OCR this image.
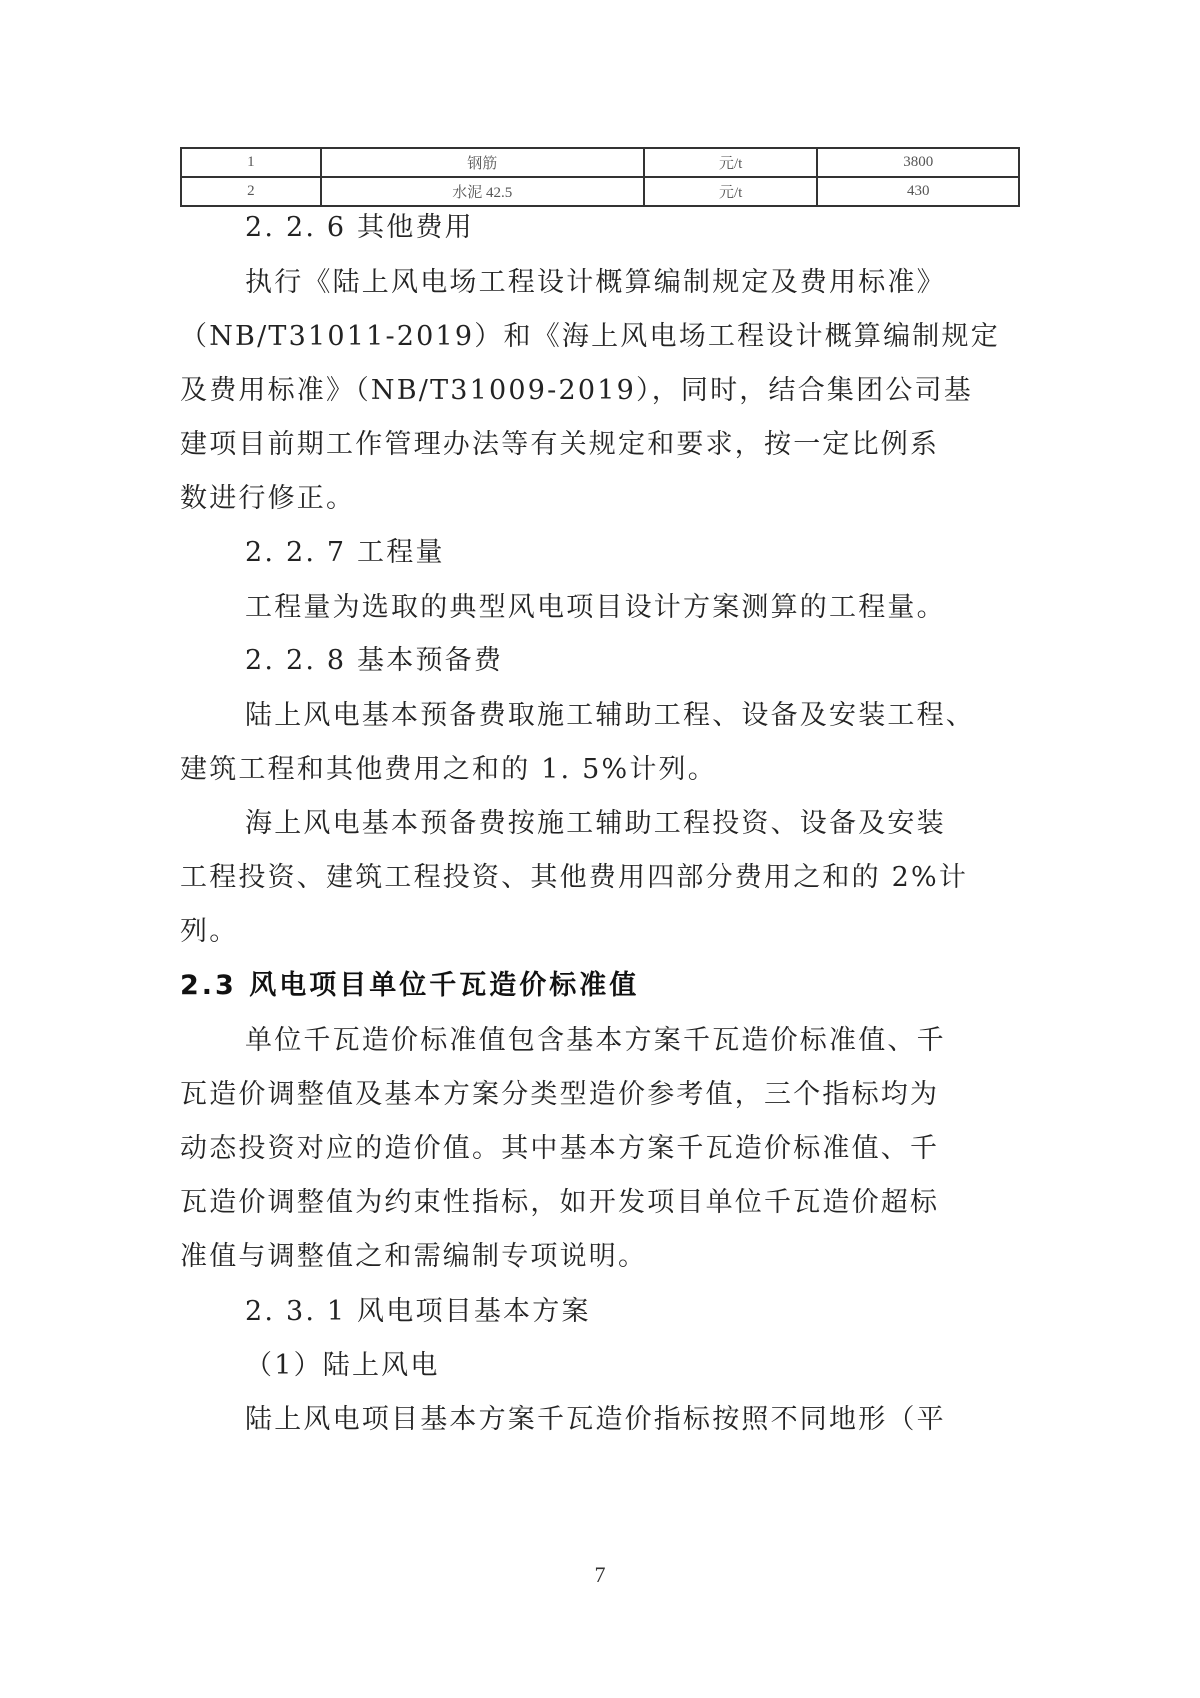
1	钢筋	元/t	3800
2	水泥 42.5	元/t	430

2. 2. 6 其他费用

执行《陆上风电场工程设计概算编制规定及费用标准》

（NB/T31011-2019）和《海上风电场工程设计概算编制规定

及费用标准》（NB/T31009-2019），同时，结合集团公司基

建项目前期工作管理办法等有关规定和要求，按一定比例系

数进行修正。

2. 2. 7 工程量

工程量为选取的典型风电项目设计方案测算的工程量。

2. 2. 8 基本预备费

陆上风电基本预备费取施工辅助工程、设备及安装工程、

建筑工程和其他费用之和的 1. 5%计列。

海上风电基本预备费按施工辅助工程投资、设备及安装

工程投资、建筑工程投资、其他费用四部分费用之和的 2%计

列。

2.3 风电项目单位千瓦造价标准值

单位千瓦造价标准值包含基本方案千瓦造价标准值、千

瓦造价调整值及基本方案分类型造价参考值，三个指标均为

动态投资对应的造价值。其中基本方案千瓦造价标准值、千

瓦造价调整值为约束性指标，如开发项目单位千瓦造价超标

准值与调整值之和需编制专项说明。

2. 3. 1 风电项目基本方案

（1）陆上风电

陆上风电项目基本方案千瓦造价指标按照不同地形（平

7
